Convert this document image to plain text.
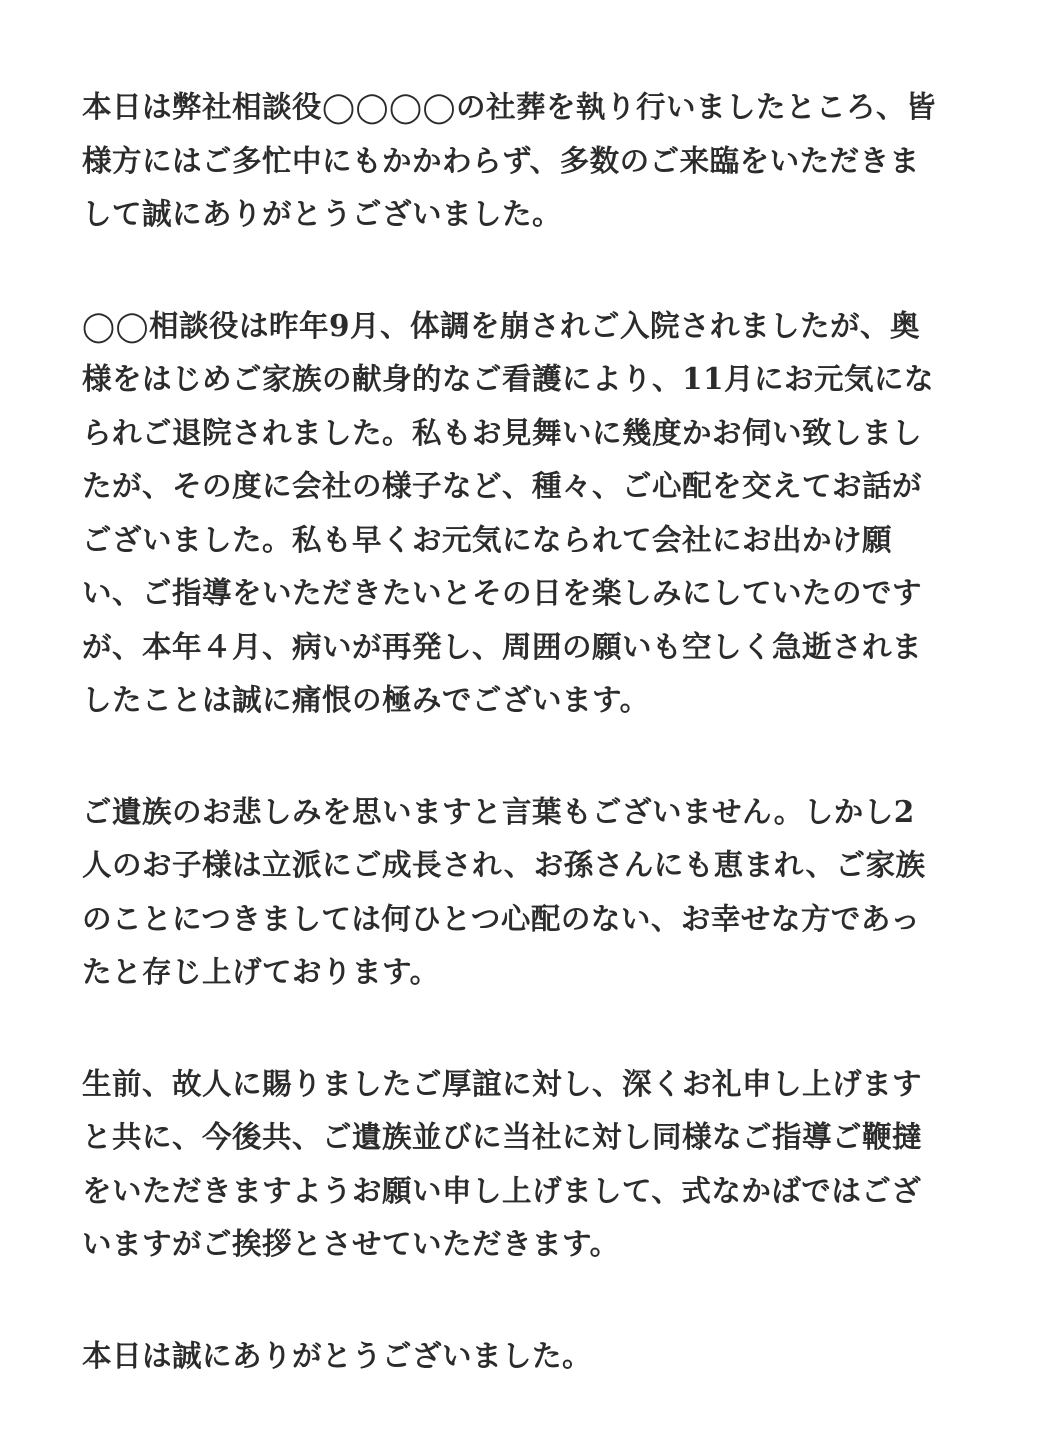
本日は弊社相談役◯◯◯◯の社葬を執り行いましたところ、皆
様方にはご多忙中にもかかわらず、多数のご来臨をいただきま
して誠にありがとうございました。

◯◯相談役は昨年9月、体調を崩されご入院されましたが、奥
様をはじめご家族の献身的なご看護により、11月にお元気にな
られご退院されました。私もお見舞いに幾度かお伺い致しまし
たが、その度に会社の様子など、種々、ご心配を交えてお話が
ございました。私も早くお元気になられて会社にお出かけ願
い、ご指導をいただきたいとその日を楽しみにしていたのです
が、本年４月、病いが再発し、周囲の願いも空しく急逝されま
したことは誠に痛恨の極みでございます。

ご遺族のお悲しみを思いますと言葉もございません。しかし2
人のお子様は立派にご成長され、お孫さんにも恵まれ、ご家族
のことにつきましては何ひとつ心配のない、お幸せな方であっ
たと存じ上げております。

生前、故人に賜りましたご厚誼に対し、深くお礼申し上げます
と共に、今後共、ご遺族並びに当社に対し同様なご指導ご鞭撻
をいただきますようお願い申し上げまして、式なかばではござ
いますがご挨拶とさせていただきます。

本日は誠にありがとうございました。
